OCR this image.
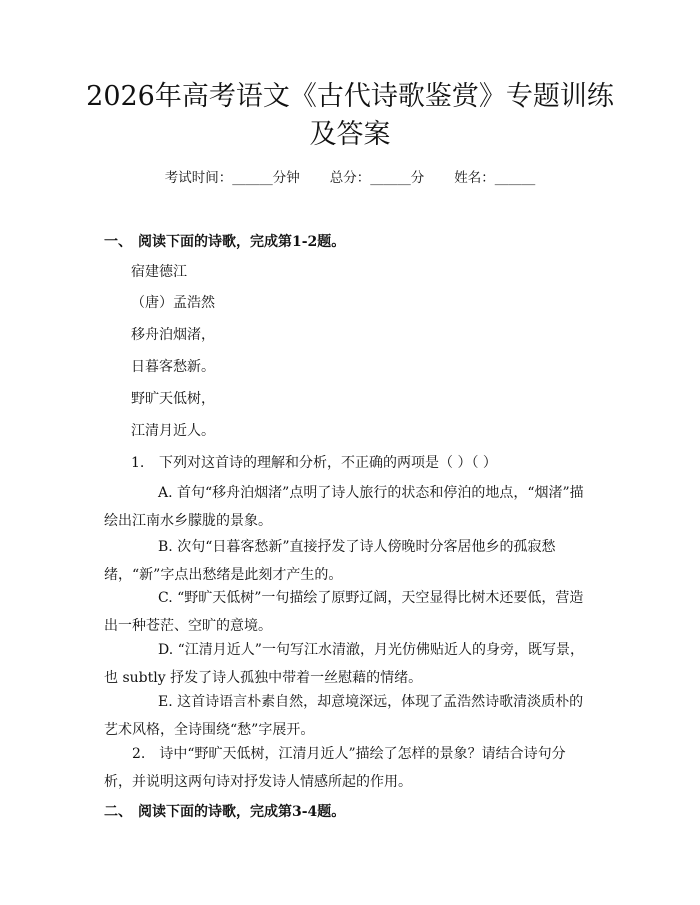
2026年高考语文《古代诗歌鉴赏》专题训练
及答案
考试时间：______分钟 总分：______分 姓名：______
一、 阅读下面的诗歌，完成第1-2题。
宿建德江
（唐）孟浩然
移舟泊烟渚，
日暮客愁新。
野旷天低树，
江清月近人。
1. 下列对这首诗的理解和分析，不正确的两项是（ ）（ ）

A. 首句“移舟泊烟渚”点明了诗人旅行的状态和停泊的地点，“烟渚”描绘出江南水乡朦胧的景象。

B. 次句“日暮客愁新”直接抒发了诗人傍晚时分客居他乡的孤寂愁绪，“新”字点出愁绪是此刻才产生的。

C. “野旷天低树”一句描绘了原野辽阔，天空显得比树木还要低，营造出一种苍茫、空旷的意境。

D. “江清月近人”一句写江水清澈，月光仿佛贴近人的身旁，既写景，也 subtly 抒发了诗人孤独中带着一丝慰藉的情绪。

E. 这首诗语言朴素自然，却意境深远，体现了孟浩然诗歌清淡质朴的艺术风格，全诗围绕“愁”字展开。

2.　诗中“野旷天低树，江清月近人”描绘了怎样的景象？请结合诗句分析，并说明这两句诗对抒发诗人情感所起的作用。

二、 阅读下面的诗歌，完成第3-4题。
